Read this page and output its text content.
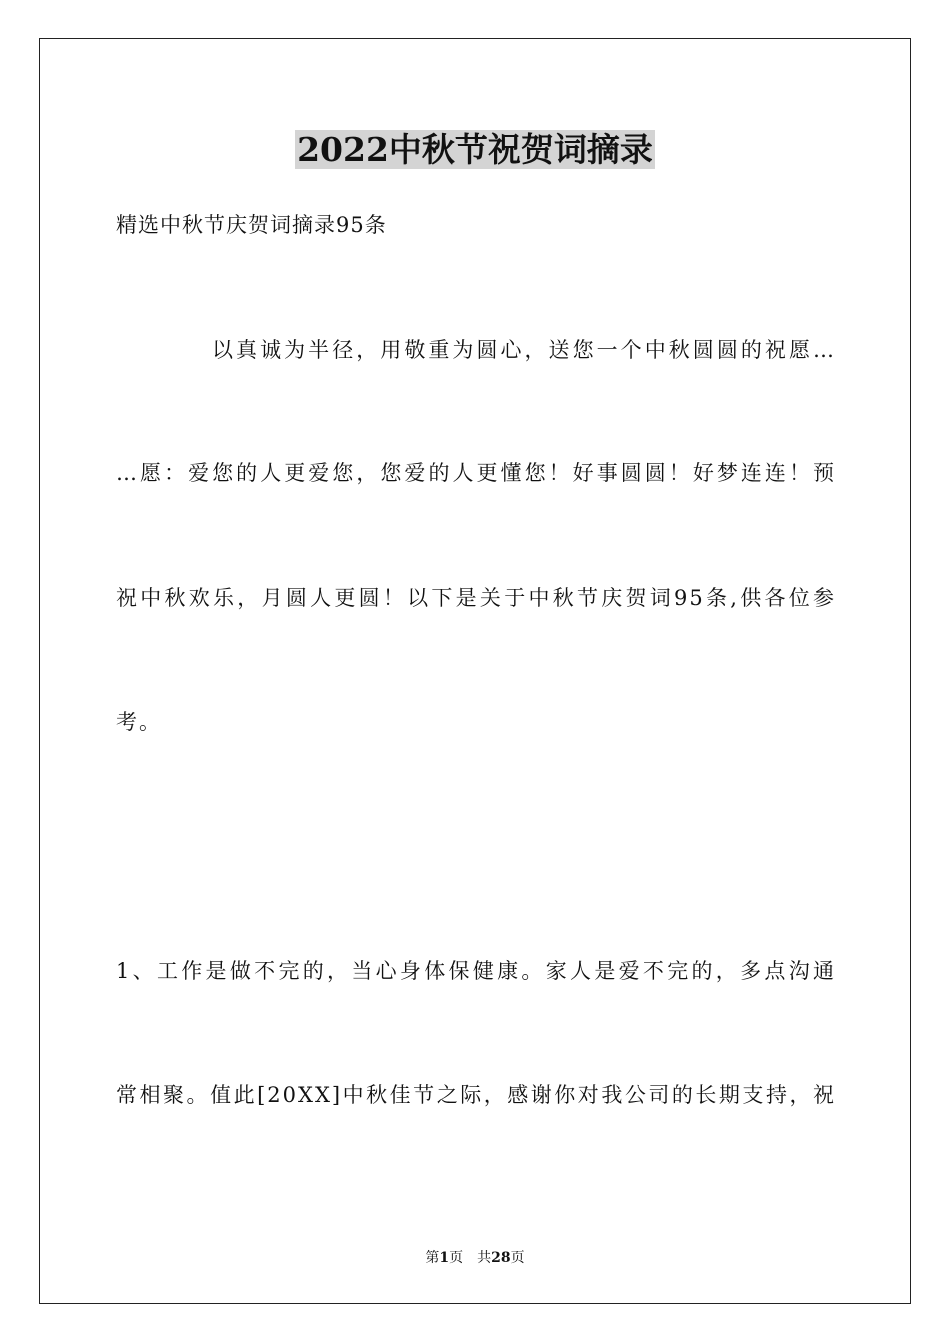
2022中秋节祝贺词摘录
精选中秋节庆贺词摘录95条
以真诚为半径，用敬重为圆心，送您一个中秋圆圆的祝愿…
…愿：爱您的人更爱您，您爱的人更懂您！好事圆圆！好梦连连！预
祝中秋欢乐，月圆人更圆！以下是关于中秋节庆贺词95条,供各位参
考。
1、工作是做不完的，当心身体保健康。家人是爱不完的，多点沟通
常相聚。值此[20XX]中秋佳节之际，感谢你对我公司的长期支持，祝
第1页　共28页
